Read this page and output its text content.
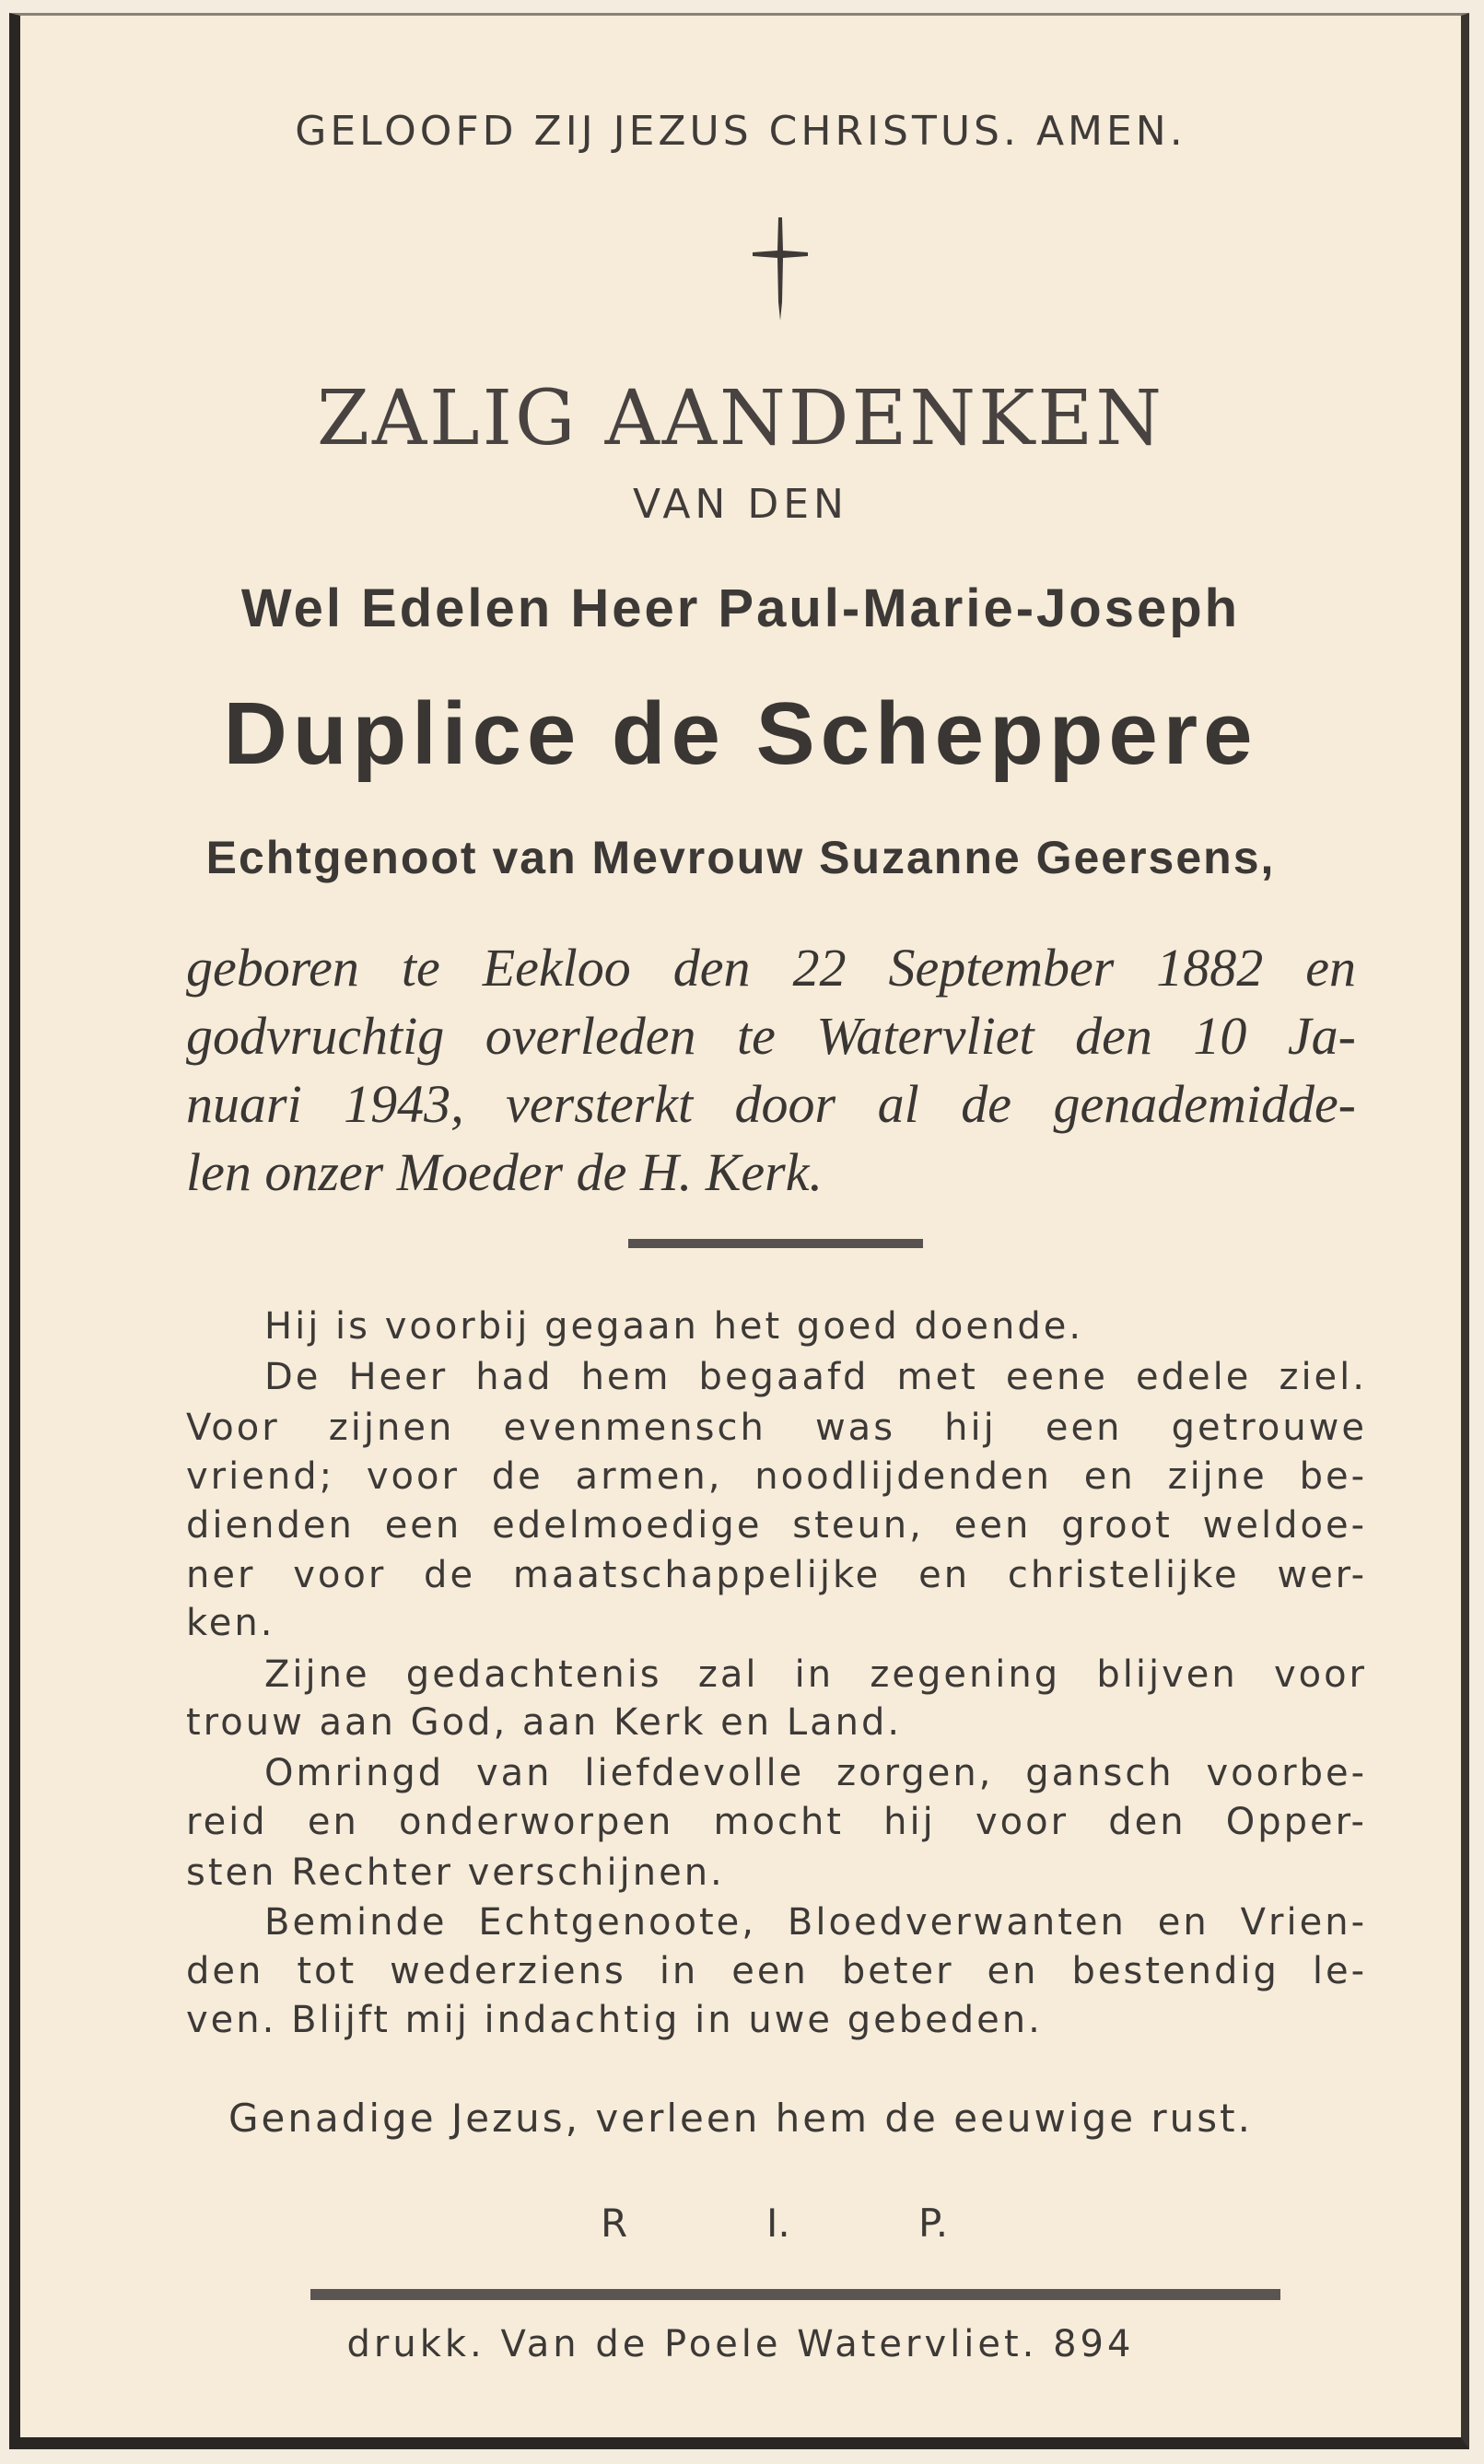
GELOOFD ZIJ JEZUS CHRISTUS. AMEN.
ZALIG AANDENKEN
VAN DEN
Wel Edelen Heer Paul-Marie-Joseph
Duplice de Scheppere
Echtgenoot van Mevrouw Suzanne Geersens,
geboren te Eekloo den 22 September 1882 en
godvruchtig overleden te Watervliet den 10 Ja-
nuari 1943, versterkt door al de genademidde-
len onzer Moeder de H. Kerk.
Hij is voorbij gegaan het goed doende.
De Heer had hem begaafd met eene edele ziel.
Voor zijnen evenmensch was hij een getrouwe
vriend; voor de armen, noodlijdenden en zijne be-
dienden een edelmoedige steun, een groot weldoe-
ner voor de maatschappelijke en christelijke wer-
ken.
Zijne gedachtenis zal in zegening blijven voor
trouw aan God, aan Kerk en Land.
Omringd van liefdevolle zorgen, gansch voorbe-
reid en onderworpen mocht hij voor den Opper-
sten Rechter verschijnen.
Beminde Echtgenoote, Bloedverwanten en Vrien-
den tot wederziens in een beter en bestendig le-
ven. Blijft mij indachtig in uwe gebeden.
Genadige Jezus, verleen hem de eeuwige rust.
R	I.	P.
drukk. Van de Poele Watervliet. 894
